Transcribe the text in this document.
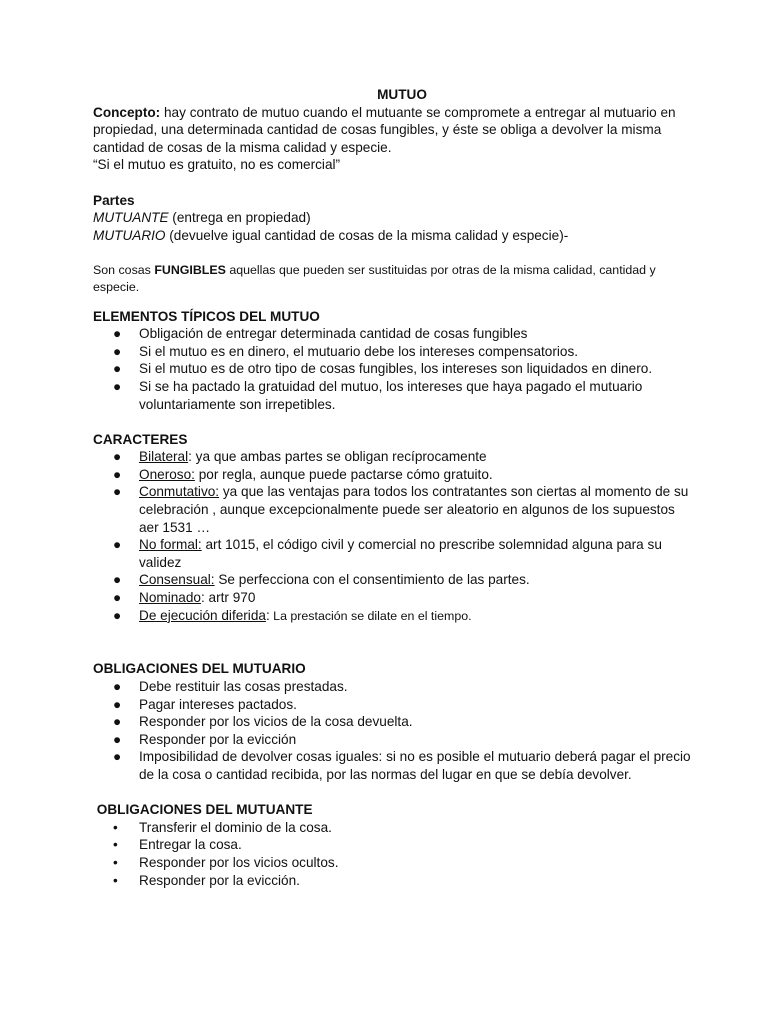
MUTUO

Concepto: hay contrato de mutuo cuando el mutuante se compromete a entregar al mutuario en propiedad, una determinada cantidad de cosas fungibles, y éste se obliga a devolver la misma cantidad de cosas de la misma calidad y especie.

“Si el mutuo es gratuito, no es comercial”

Partes

MUTUANTE (entrega en propiedad)

MUTUARIO (devuelve igual cantidad de cosas de la misma calidad y especie)-

Son cosas FUNGIBLES aquellas que pueden ser sustituidas por otras de la misma calidad, cantidad y especie.

ELEMENTOS TÍPICOS DEL MUTUO

● Obligación de entregar determinada cantidad de cosas fungibles
● Si el mutuo es en dinero, el mutuario debe los intereses compensatorios.
● Si el mutuo es de otro tipo de cosas fungibles, los intereses son liquidados en dinero.
● Si se ha pactado la gratuidad del mutuo, los intereses que haya pagado el mutuario voluntariamente son irrepetibles.

CARACTERES

● Bilateral: ya que ambas partes se obligan recíprocamente
● Oneroso: por regla, aunque puede pactarse cómo gratuito.
● Conmutativo: ya que las ventajas para todos los contratantes son ciertas al momento de su celebración , aunque excepcionalmente puede ser aleatorio en algunos de los supuestos aer 1531 …
● No formal: art 1015, el código civil y comercial no prescribe solemnidad alguna para su validez
● Consensual: Se perfecciona con el consentimiento de las partes.
● Nominado: artr 970
● De ejecución diferida: La prestación se dilate en el tiempo.

OBLIGACIONES DEL MUTUARIO

● Debe restituir las cosas prestadas.
● Pagar intereses pactados.
● Responder por los vicios de la cosa devuelta.
● Responder por la evicción
● Imposibilidad de devolver cosas iguales: si no es posible el mutuario deberá pagar el precio de la cosa o cantidad recibida, por las normas del lugar en que se debía devolver.

OBLIGACIONES DEL MUTUANTE

• Transferir el dominio de la cosa.
• Entregar la cosa.
• Responder por los vicios ocultos.
• Responder por la evicción.
